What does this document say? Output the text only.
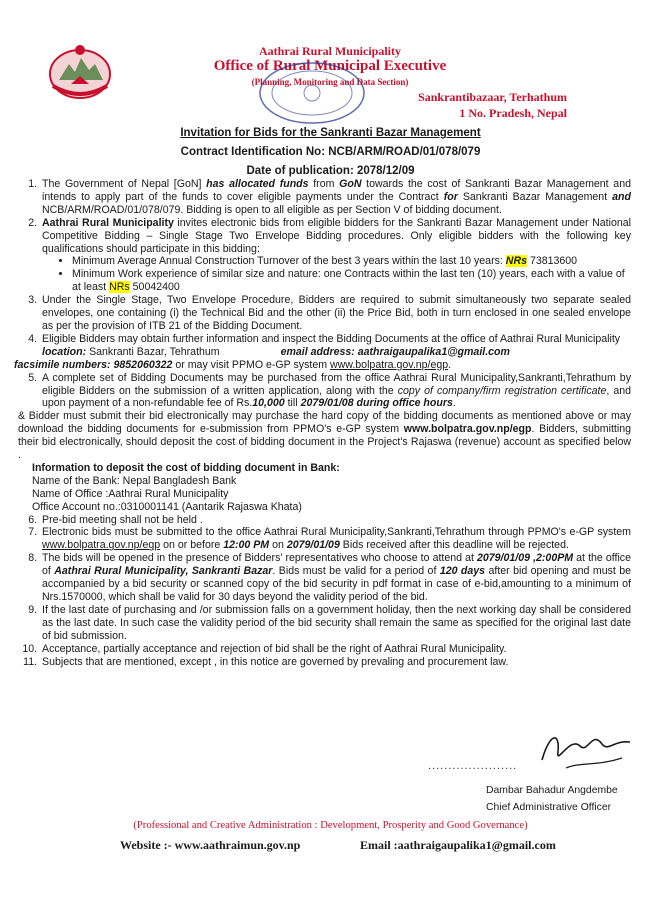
Aathrai Rural Municipality
Office of Rural Municipal Executive
(Planning, Monitoring and Data Section)
Sankrantibazaar, Terhathum
1 No. Pradesh, Nepal
Invitation for Bids for the Sankranti Bazar Management
Contract Identification No: NCB/ARM/ROAD/01/078/079
Date of publication: 2078/12/09
1. The Government of Nepal [GoN] has allocated funds from GoN towards the cost of Sankranti Bazar Management and intends to apply part of the funds to cover eligible payments under the Contract for Sankranti Bazar Management and NCB/ARM/ROAD/01/078/079. Bidding is open to all eligible as per Section V of bidding document.
2. Aathrai Rural Municipality invites electronic bids from eligible bidders for the Sankranti Bazar Management under National Competitive Bidding – Single Stage Two Envelope Bidding procedures. Only eligible bidders with the following key qualifications should participate in this bidding:
• Minimum Average Annual Construction Turnover of the best 3 years within the last 10 years: NRs 73813600
• Minimum Work experience of similar size and nature: one Contracts within the last ten (10) years, each with a value of at least NRs 50042400
3. Under the Single Stage, Two Envelope Procedure, Bidders are required to submit simultaneously two separate sealed envelopes, one containing (i) the Technical Bid and the other (ii) the Price Bid, both in turn enclosed in one sealed envelope as per the provision of ITB 21 of the Bidding Document.
4. Eligible Bidders may obtain further information and inspect the Bidding Documents at the office of Aathrai Rural Municipality
location: Sankranti Bazar, Tehrathum	email address: aathraigaupalika1@gmail.com
facsimile numbers: 9852060322 or may visit PPMO e-GP system www.bolpatra.gov.np/egp.
5. A complete set of Bidding Documents may be purchased from the office Aathrai Rural Municipality,Sankranti,Tehrathum by eligible Bidders on the submission of a written application, along with the copy of company/firm registration certificate, and upon payment of a non-refundable fee of Rs.10,000 till 2079/01/08 during office hours.
& Bidder must submit their bid electronically may purchase the hard copy of the bidding documents as mentioned above or may download the bidding documents for e-submission from PPMO's e-GP system www.bolpatra.gov.np/egp. Bidders, submitting their bid electronically, should deposit the cost of bidding document in the Project's Rajaswa (revenue) account as specified below .
Information to deposit the cost of bidding document in Bank:
Name of the Bank: Nepal Bangladesh Bank
Name of Office :Aathrai Rural Municipality
Office Account no.:0310001141 (Aantarik Rajaswa Khata)
6. Pre-bid meeting shall not be held .
7. Electronic bids must be submitted to the office Aathrai Rural Municipality,Sankranti,Tehrathum through PPMO's e-GP system www.bolpatra.gov.np/egp on or before 12:00 PM on 2079/01/09 Bids received after this deadline will be rejected.
8. The bids will be opened in the presence of Bidders' representatives who choose to attend at 2079/01/09 ,2:00PM at the office of Aathrai Rural Municipality, Sankranti Bazar. Bids must be valid for a period of 120 days after bid opening and must be accompanied by a bid security or scanned copy of the bid security in pdf format in case of e-bid,amounting to a minimum of Nrs.1570000, which shall be valid for 30 days beyond the validity period of the bid.
9. If the last date of purchasing and /or submission falls on a government holiday, then the next working day shall be considered as the last date. In such case the validity period of the bid security shall remain the same as specified for the original last date of bid submission.
10. Acceptance, partially acceptance and rejection of bid shall be the right of Aathrai Rural Municipality.
11. Subjects that are mentioned, except , in this notice are governed by prevaling and procurement law.
......................
Dambar Bahadur Angdembe
Chief Administrative Officer
(Professional and Creative Administration : Development, Prosperity and Good Governance)
Website :- www.aathraimun.gov.np	Email :aathraigaupalika1@gmail.com
